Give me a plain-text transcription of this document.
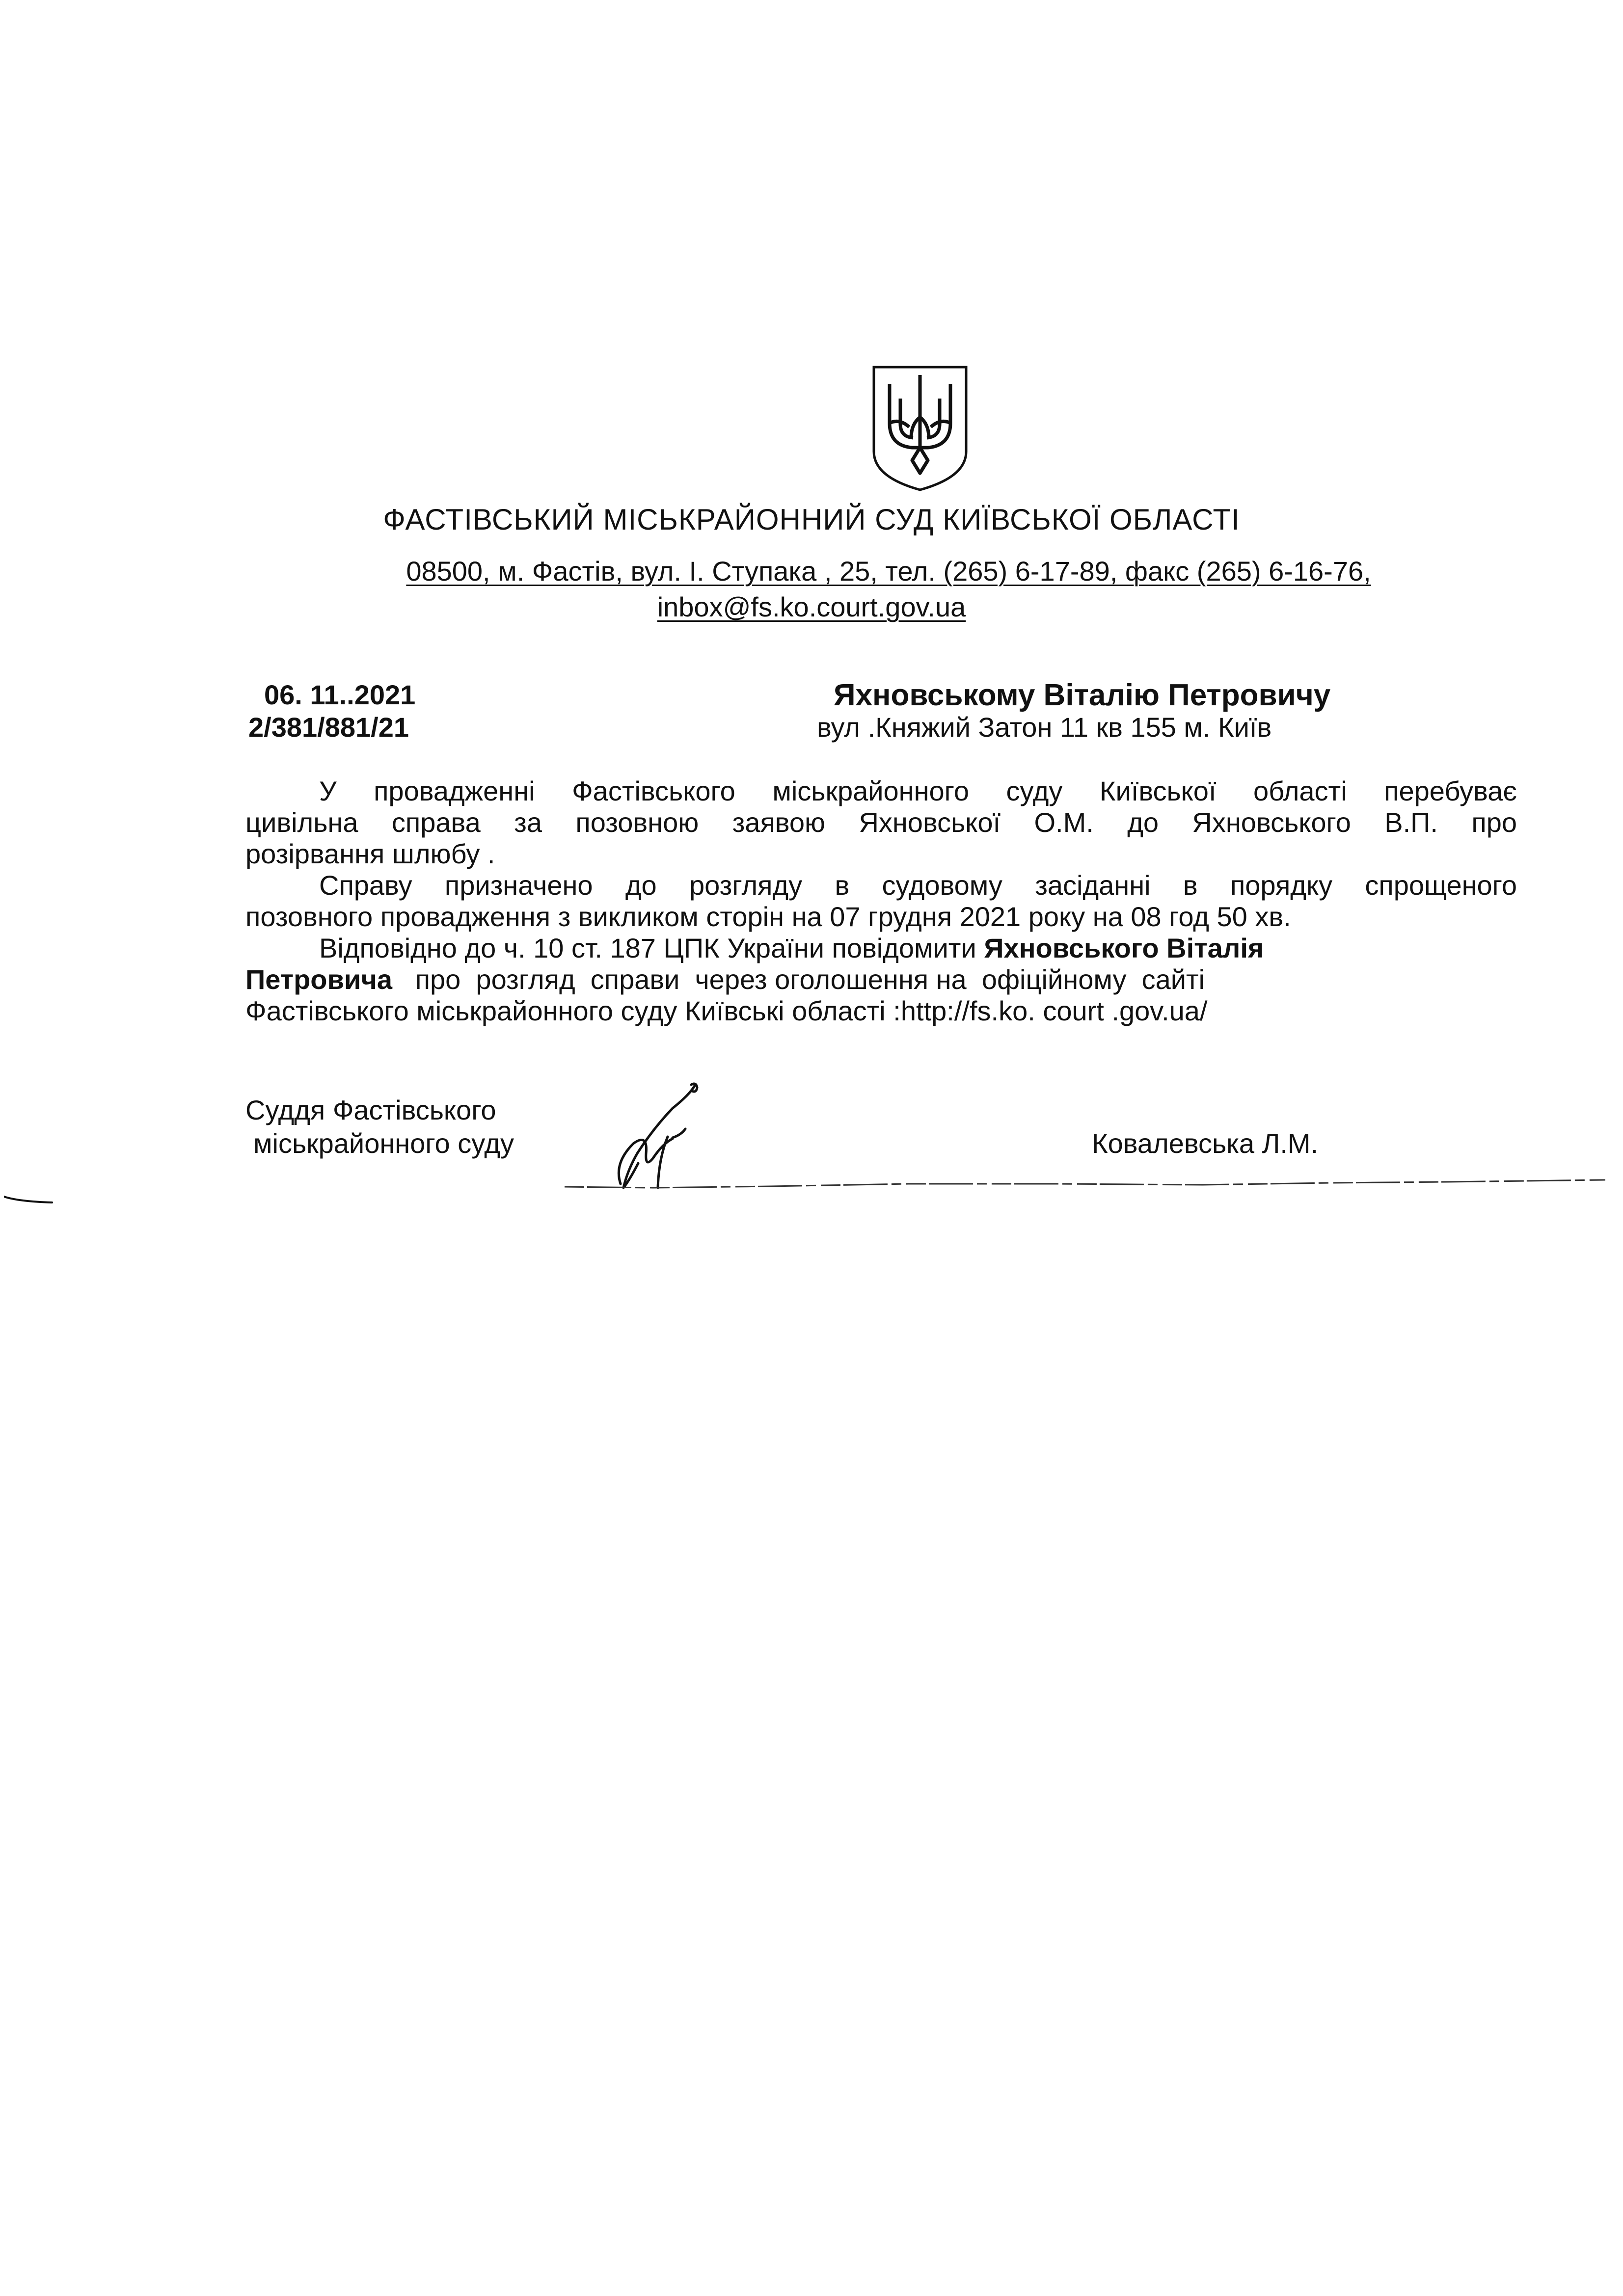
ФАСТІВСЬКИЙ МІСЬКРАЙОННИЙ СУД КИЇВСЬКОЇ ОБЛАСТІ
08500, м. Фастів, вул. І. Ступака , 25, тел. (265) 6-17-89, факс (265) 6-16-76,
inbox@fs.ko.court.gov.ua
06. 11..2021
2/381/881/21
Яхновському Віталію Петровичу
вул .Княжий Затон 11 кв 155 м. Київ
У провадженні Фастівського міськрайонного суду Київської області перебуває
цивільна справа за позовною заявою Яхновської О.М. до Яхновського В.П. про
розірвання шлюбу .
Справу призначено до розгляду в судовому засіданні в порядку спрощеного
позовного провадження з викликом сторін на 07 грудня 2021 року на 08 год 50 хв.
Відповідно до ч. 10 ст. 187 ЦПК України повідомити Яхновського Віталія
Петровича   про  розгляд  справи  через оголошення на  офіційному  сайті
Фастівського міськрайонного суду Київські області :http://fs.ko. court .gov.ua/
Суддя Фастівського
міськрайонного суду	Ковалевська Л.М.
